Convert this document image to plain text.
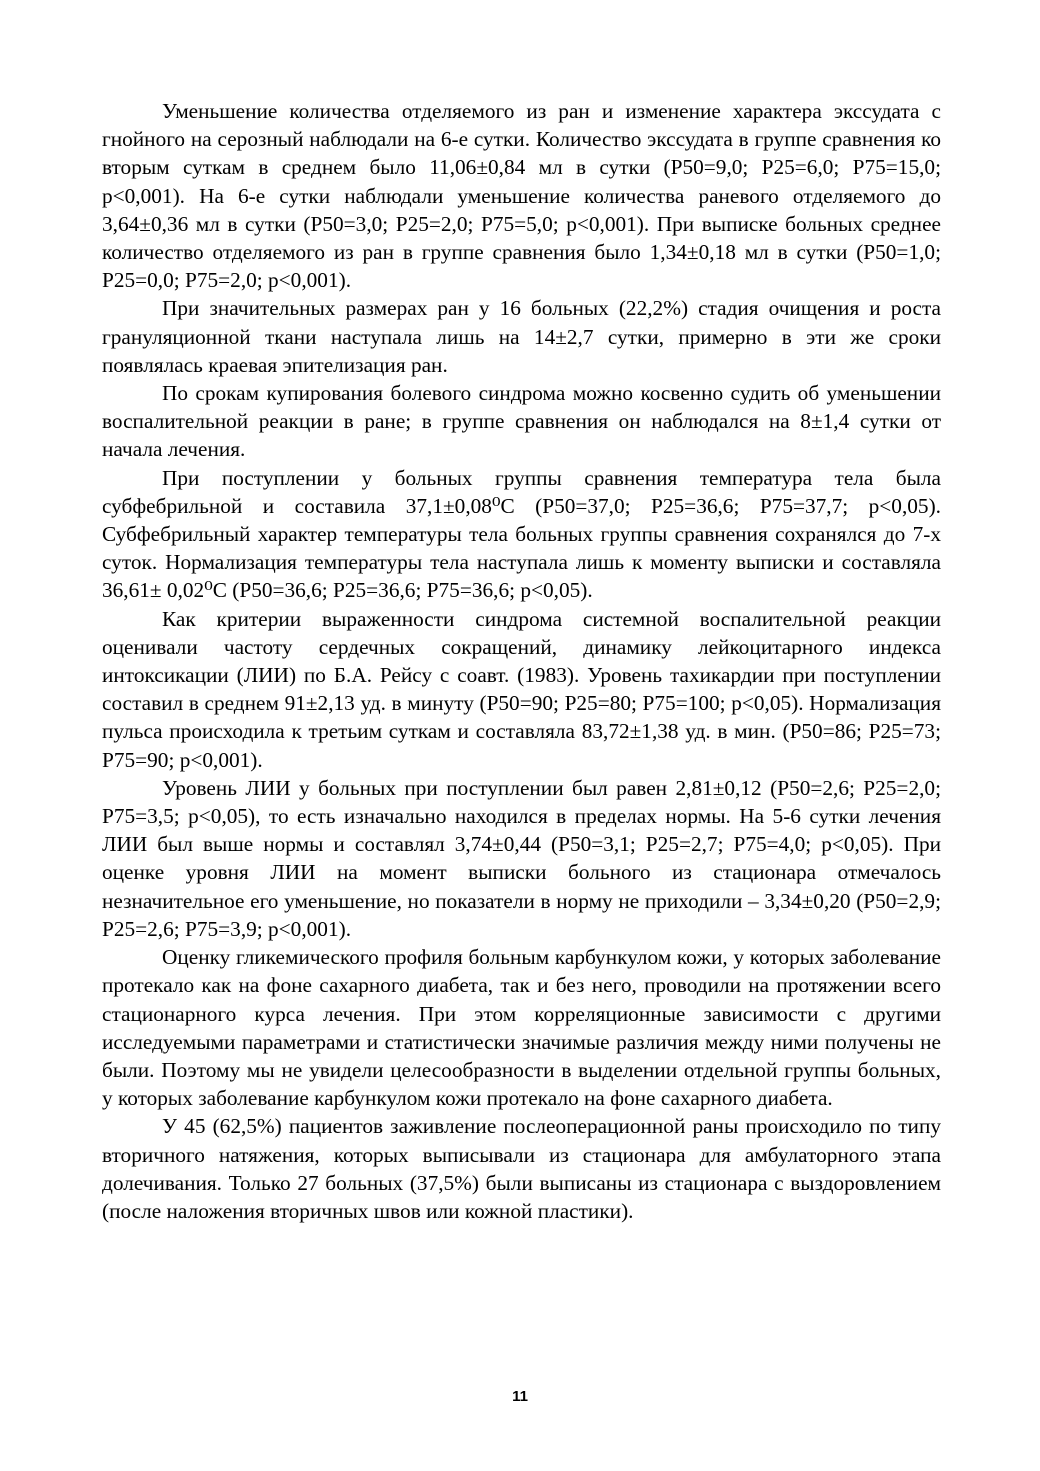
Уменьшение количества отделяемого из ран и изменение характера экссудата с гнойного на серозный наблюдали на 6-е сутки. Количество экссудата в группе сравнения ко вторым суткам в среднем было 11,06±0,84 мл в сутки (P50=9,0; P25=6,0; P75=15,0; p<0,001). На 6-е сутки наблюдали уменьшение количества раневого отделяемого до 3,64±0,36 мл в сутки (P50=3,0; P25=2,0; P75=5,0; p<0,001). При выписке больных среднее количество отделяемого из ран в группе сравнения было 1,34±0,18 мл в сутки (P50=1,0; P25=0,0; P75=2,0; p<0,001).

При значительных размерах ран у 16 больных (22,2%) стадия очищения и роста грануляционной ткани наступала лишь на 14±2,7 сутки, примерно в эти же сроки появлялась краевая эпителизация ран.

По срокам купирования болевого синдрома можно косвенно судить об уменьшении воспалительной реакции в ране; в группе сравнения он наблюдался на 8±1,4 сутки от начала лечения.

При поступлении у больных группы сравнения температура тела была субфебрильной и составила 37,1±0,08⁰С (P50=37,0; P25=36,6; P75=37,7; p<0,05). Субфебрильный характер температуры тела больных группы сравнения сохранялся до 7-х суток. Нормализация температуры тела наступала лишь к моменту выписки и составляла 36,61± 0,02⁰С (P50=36,6; P25=36,6; P75=36,6; p<0,05).

Как критерии выраженности синдрома системной воспалительной реакции оценивали частоту сердечных сокращений, динамику лейкоцитарного индекса интоксикации (ЛИИ) по Б.А. Рейсу с соавт. (1983). Уровень тахикардии при поступлении составил в среднем 91±2,13 уд. в минуту (P50=90; P25=80; P75=100; p<0,05). Нормализация пульса происходила к третьим суткам и составляла 83,72±1,38 уд. в мин. (P50=86; P25=73; P75=90; p<0,001).

Уровень ЛИИ у больных при поступлении был равен 2,81±0,12 (P50=2,6; P25=2,0; P75=3,5; p<0,05), то есть изначально находился в пределах нормы. На 5-6 сутки лечения ЛИИ был выше нормы и составлял 3,74±0,44 (P50=3,1; P25=2,7; P75=4,0; p<0,05). При оценке уровня ЛИИ на момент выписки больного из стационара отмечалось незначительное его уменьшение, но показатели в норму не приходили – 3,34±0,20 (P50=2,9; P25=2,6; P75=3,9; p<0,001).

Оценку гликемического профиля больным карбункулом кожи, у которых заболевание протекало как на фоне сахарного диабета, так и без него, проводили на протяжении всего стационарного курса лечения. При этом корреляционные зависимости с другими исследуемыми параметрами и статистически значимые различия между ними получены не были. Поэтому мы не увидели целесообразности в выделении отдельной группы больных, у которых заболевание карбункулом кожи протекало на фоне сахарного диабета.

У 45 (62,5%) пациентов заживление послеоперационной раны происходило по типу вторичного натяжения, которых выписывали из стационара для амбулаторного этапа долечивания. Только 27 больных (37,5%) были выписаны из стационара с выздоровлением (после наложения вторичных швов или кожной пластики).

11
